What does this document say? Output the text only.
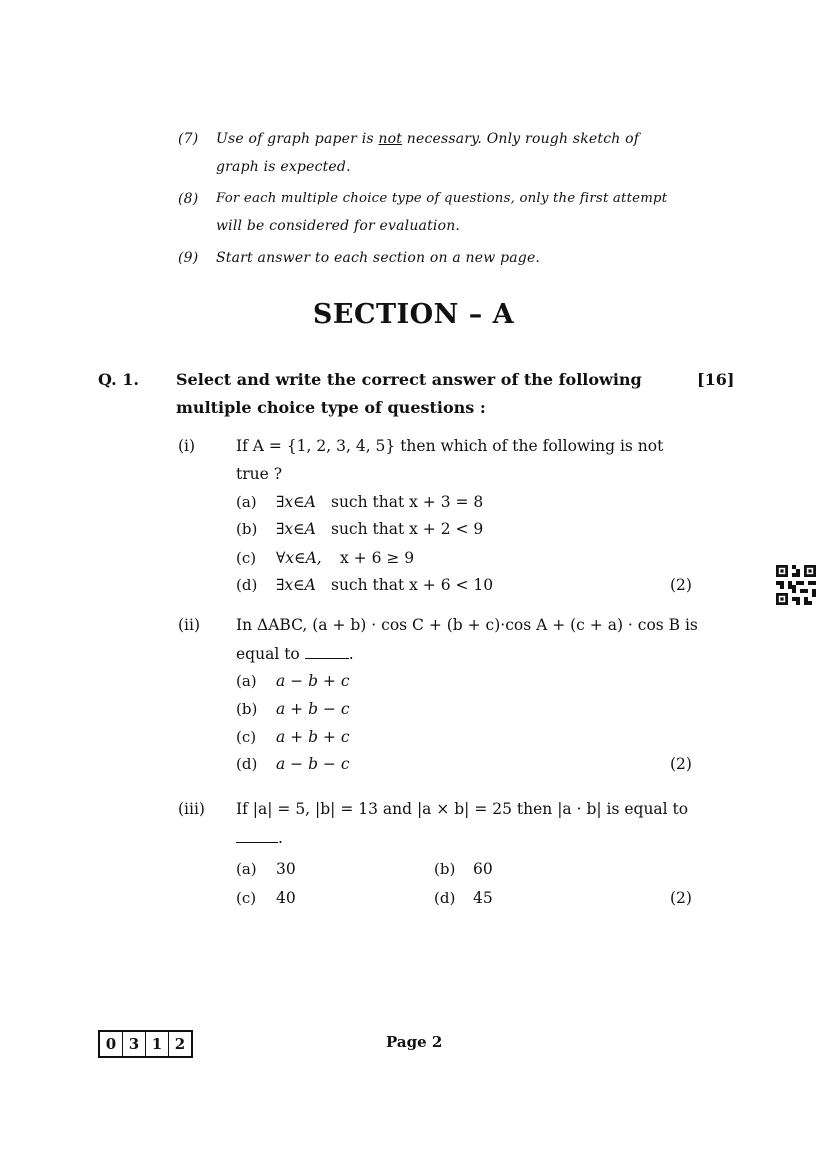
(7) Use of graph paper is not necessary. Only rough sketch of
graph is expected.
(8) For each multiple choice type of questions, only the first attempt
will be considered for evaluation.
(9) Start answer to each section on a new page.
SECTION – A
Q. 1. Select and write the correct answer of the following
multiple choice type of questions :
[16]
(i)	If A = {1, 2, 3, 4, 5} then which of the following is not
true ?
(a) ∃x∈A such that x + 3 = 8
(b) ∃x∈A such that x + 2 < 9
(c) ∀x∈A, x + 6 ≥ 9
(d) ∃x∈A such that x + 6 < 10	(2)
(ii) In ΔABC, (a + b) · cos C + (b + c)·cos A + (c + a) · cos B is
equal to	.
(a) a − b + c
(b) a + b − c
(c) a + b + c
(d) a − b − c	(2)
(iii) If |a| = 5, |b| = 13 and |a × b| = 25 then |a · b| is equal to
.
(a) 30	(b) 60
(c) 40	(d) 45	(2)
0 3 1 2	Page 2
